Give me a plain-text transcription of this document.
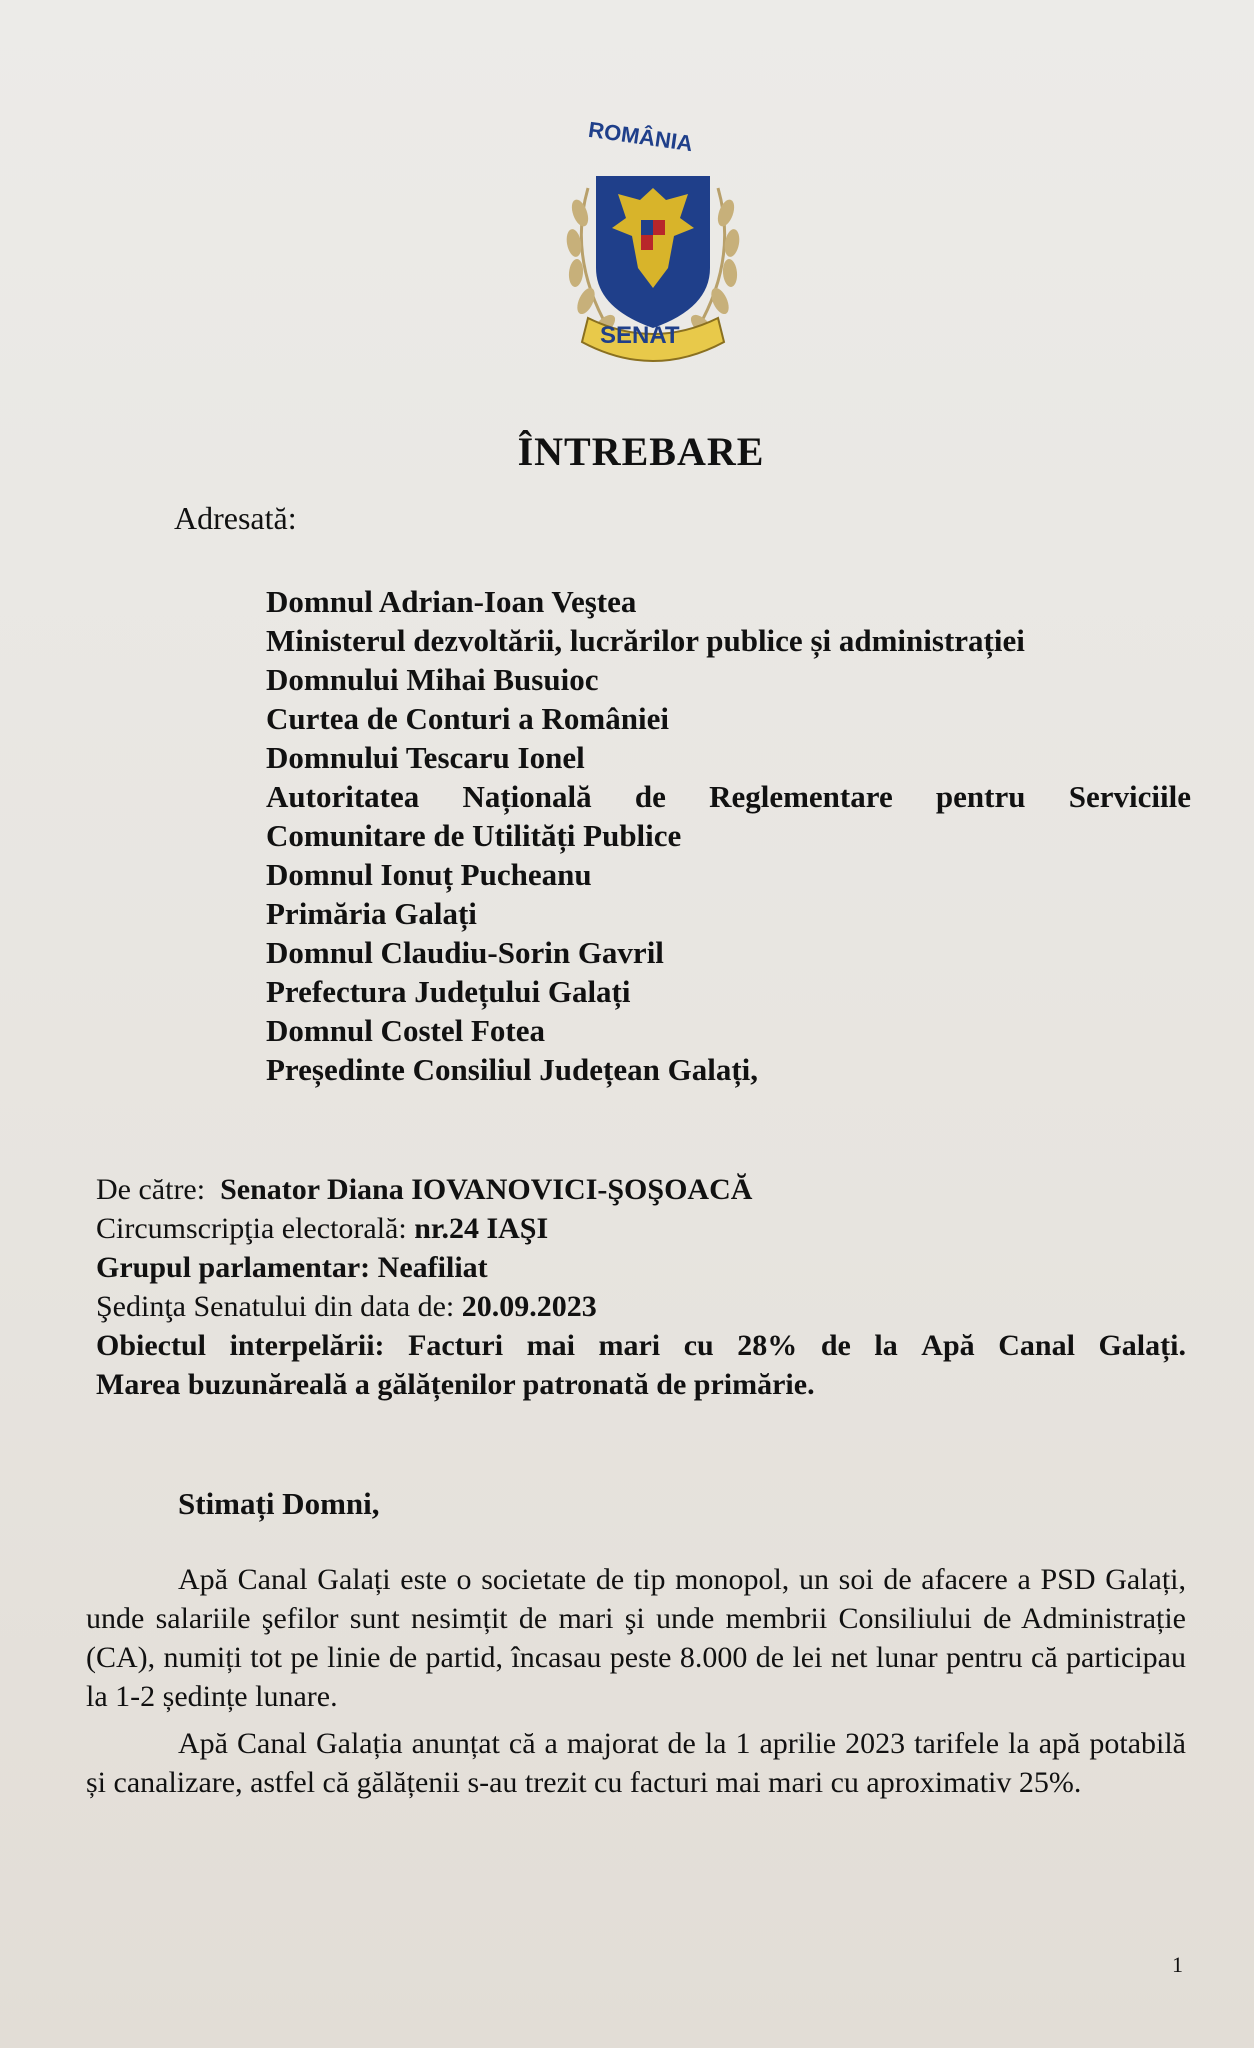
ROMÂNIA
SENAT
ÎNTREBARE
Adresată:
Domnul Adrian-Ioan Veştea
Ministerul dezvoltării, lucrărilor publice și administrației
Domnului Mihai Busuioc
Curtea de Conturi a României
Domnului Tescaru Ionel
Autoritatea Națională de Reglementare pentru Serviciile
Comunitare de Utilități Publice
Domnul Ionuț Pucheanu
Primăria Galați
Domnul Claudiu-Sorin Gavril
Prefectura Județului Galați
Domnul Costel Fotea
Președinte Consiliul Județean Galați,
De către: Senator Diana IOVANOVICI-ŞOŞOACĂ
Circumscripţia electorală: nr.24 IAŞI
Grupul parlamentar: Neafiliat
Şedinţa Senatului din data de: 20.09.2023
Obiectul interpelării: Facturi mai mari cu 28% de la Apă Canal Galați.
Marea buzunăreală a gălățenilor patronată de primărie.
Stimați Domni,

Apă Canal Galați este o societate de tip monopol, un soi de afacere a PSD Galați, unde salariile şefilor sunt nesimțit de mari şi unde membrii Consiliului de Administrație (CA), numiți tot pe linie de partid, încasau peste 8.000 de lei net lunar pentru că participau la 1-2 ședințe lunare.

Apă Canal Galația anunțat că a majorat de la 1 aprilie 2023 tarifele la apă potabilă și canalizare, astfel că gălățenii s-au trezit cu facturi mai mari cu aproximativ 25%.

1
